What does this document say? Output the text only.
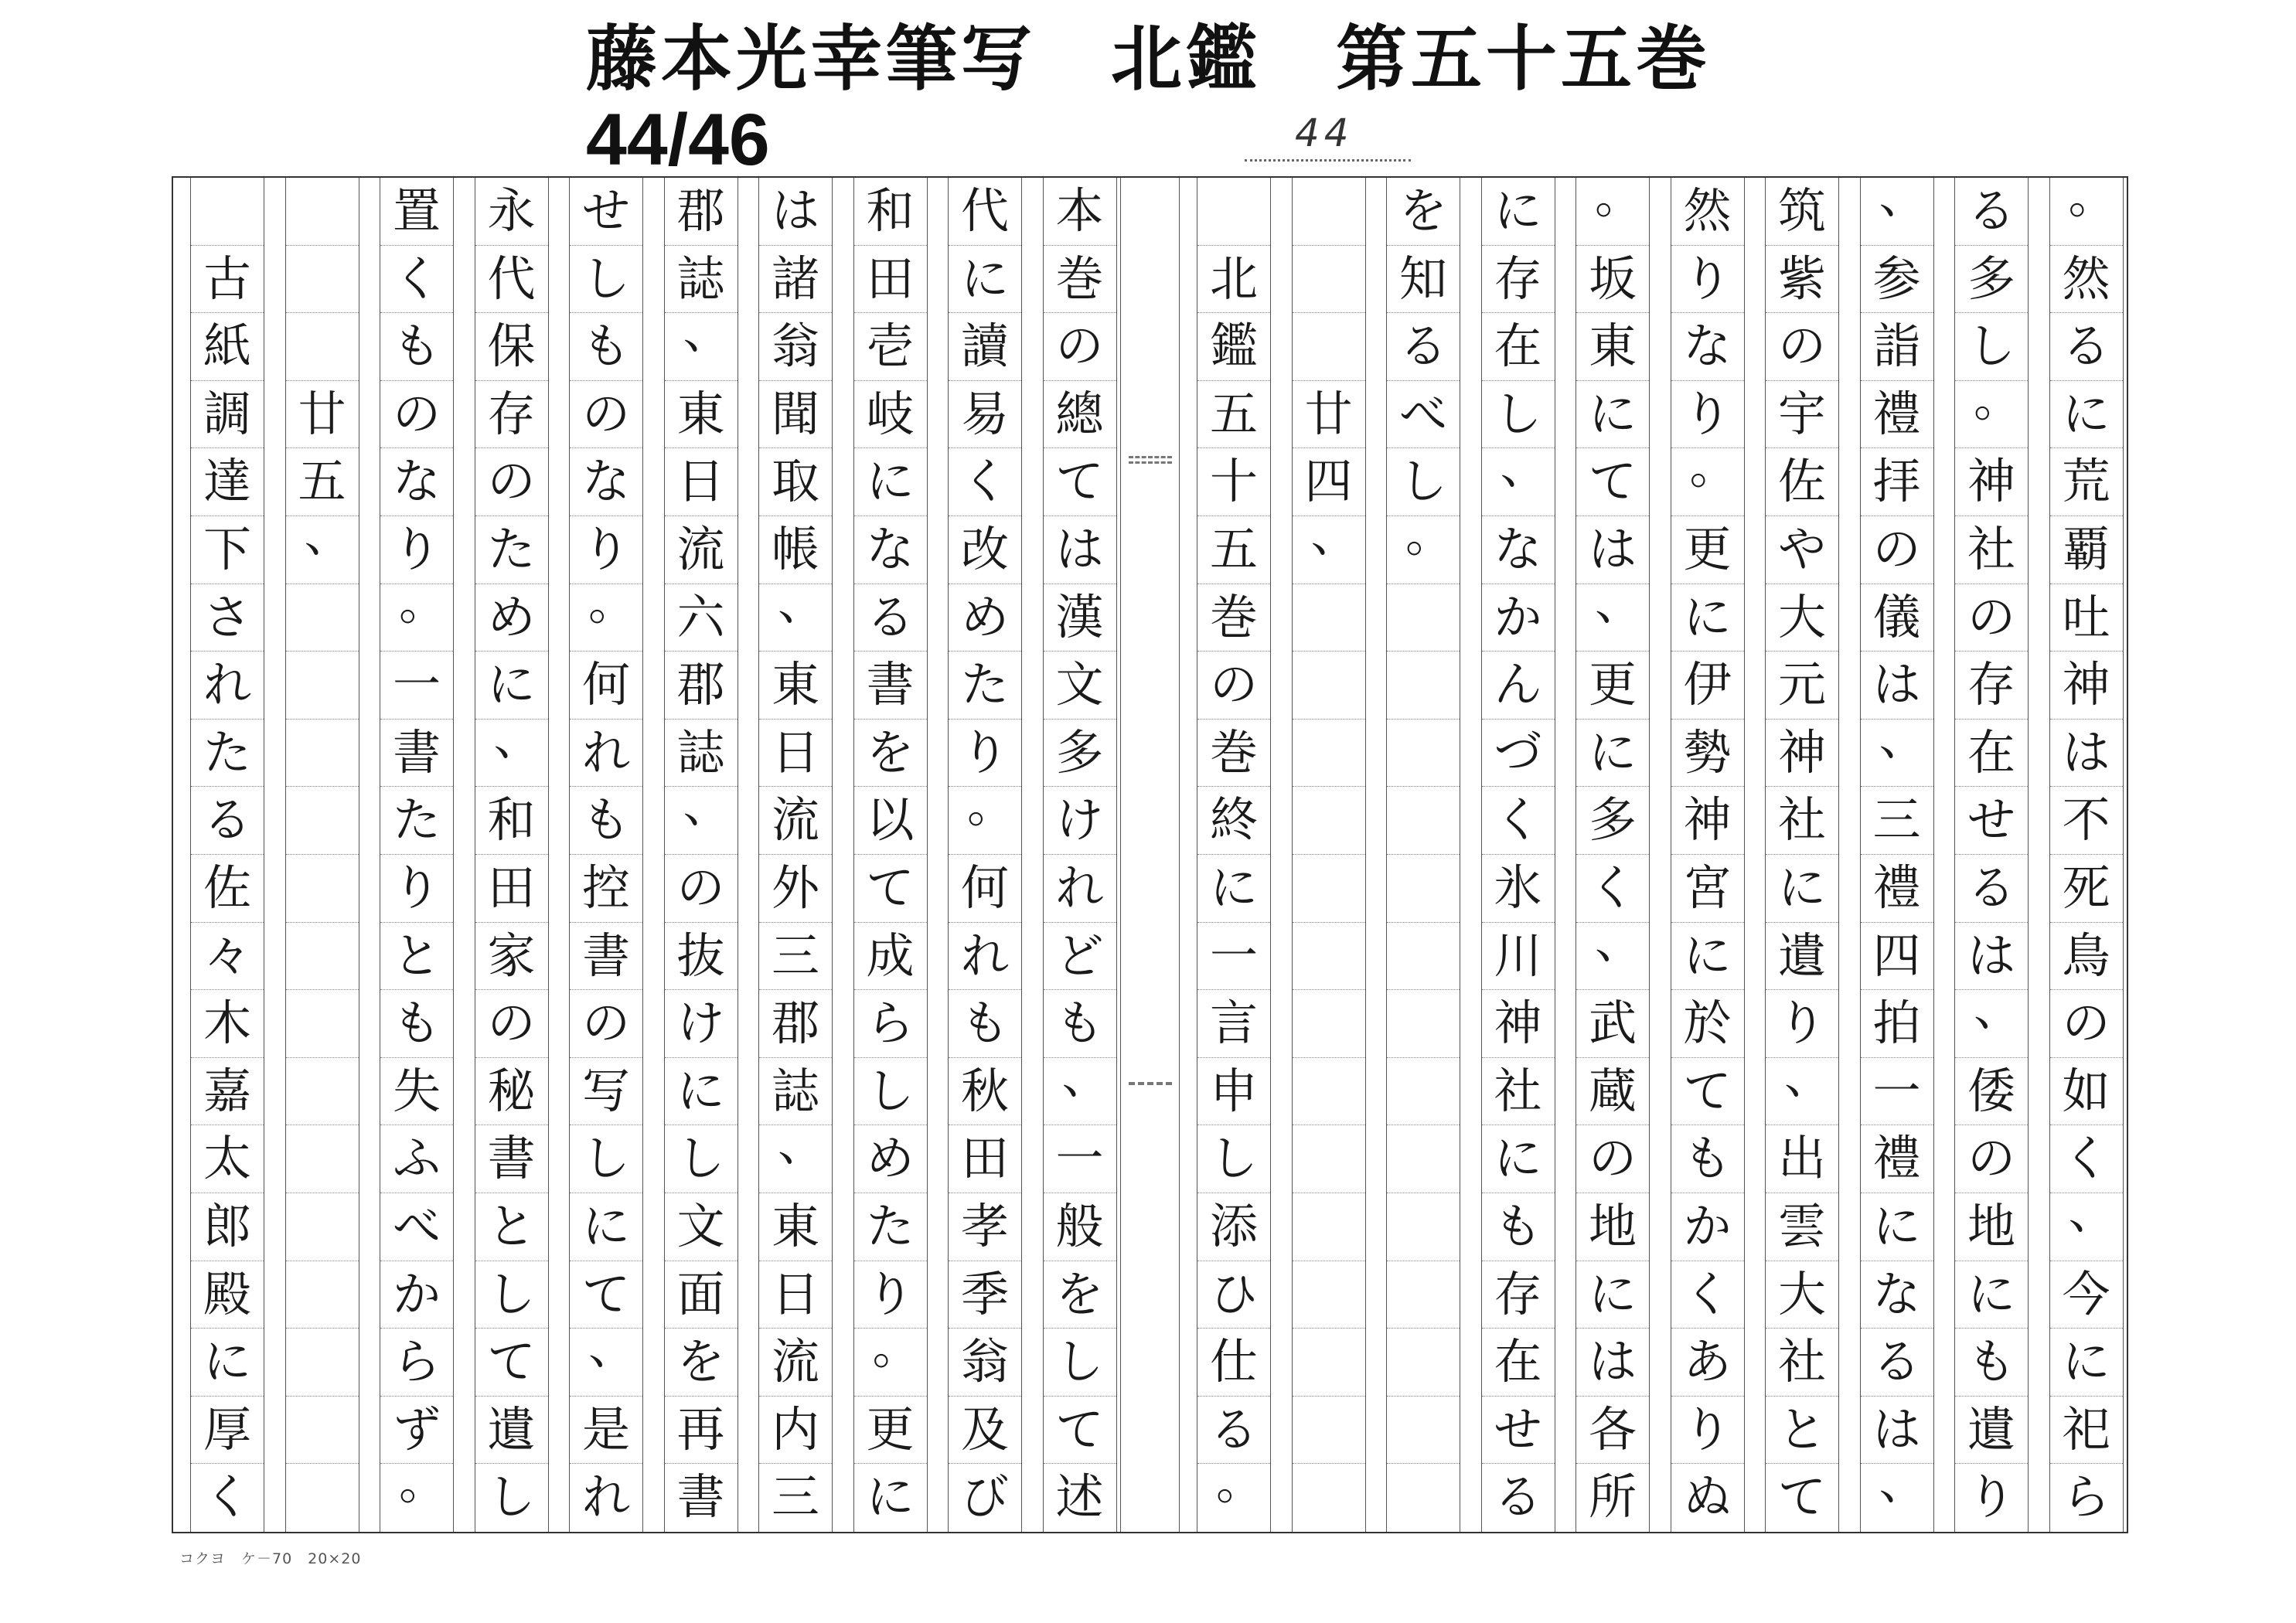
藤本光幸筆写　北鑑　第五十五巻
44/46	44
本
巻
の
總
て
は
漢
文
多
け
れ
ど
も
、
一
般
を
し
て
述
代
に
讀
易
く
改
め
た
り
。
何
れ
も
秋
田
孝
季
翁
及
び
和
田
壱
岐
に
な
る
書
を
以
て
成
ら
し
め
た
り
。
更
に
は
諸
翁
聞
取
帳
、
東
日
流
外
三
郡
誌
、
東
日
流
内
三
郡
誌
、
東
日
流
六
郡
誌
、
の
抜
け
に
し
文
面
を
再
書
せ
し
も
の
な
り
。
何
れ
も
控
書
の
写
し
に
て
、
是
れ
永
代
保
存
の
た
め
に
、
和
田
家
の
秘
書
と
し
て
遺
し
置
く
も
の
な
り
。
一
書
た
り
と
も
失
ふ
べ
か
ら
ず
。

廿
五
、

古
紙
調
達
下
さ
れ
た
る
佐
々
木
嘉
太
郎
殿
に
厚
く
。
然
る
に
荒
覇
吐
神
は
不
死
鳥
の
如
く
、
今
に
祀
ら
る
多
し
。
神
社
の
存
在
せ
る
は
、
倭
の
地
に
も
遺
り
、
参
詣
禮
拝
の
儀
は
、
三
禮
四
拍
一
禮
に
な
る
は
、
筑
紫
の
宇
佐
や
大
元
神
社
に
遺
り
、
出
雲
大
社
と
て
然
り
な
り
。
更
に
伊
勢
神
宮
に
於
て
も
か
く
あ
り
ぬ
。
坂
東
に
て
は
、
更
に
多
く
、
武
蔵
の
地
に
は
各
所
に
存
在
し
、
な
か
ん
づ
く
氷
川
神
社
に
も
存
在
せ
る
を
知
る
べ
し
。

廿
四
、

北
鑑
五
十
五
巻
の
巻
終
に
一
言
申
し
添
ひ
仕
る
。
コクヨ　ケ－70　20×20
